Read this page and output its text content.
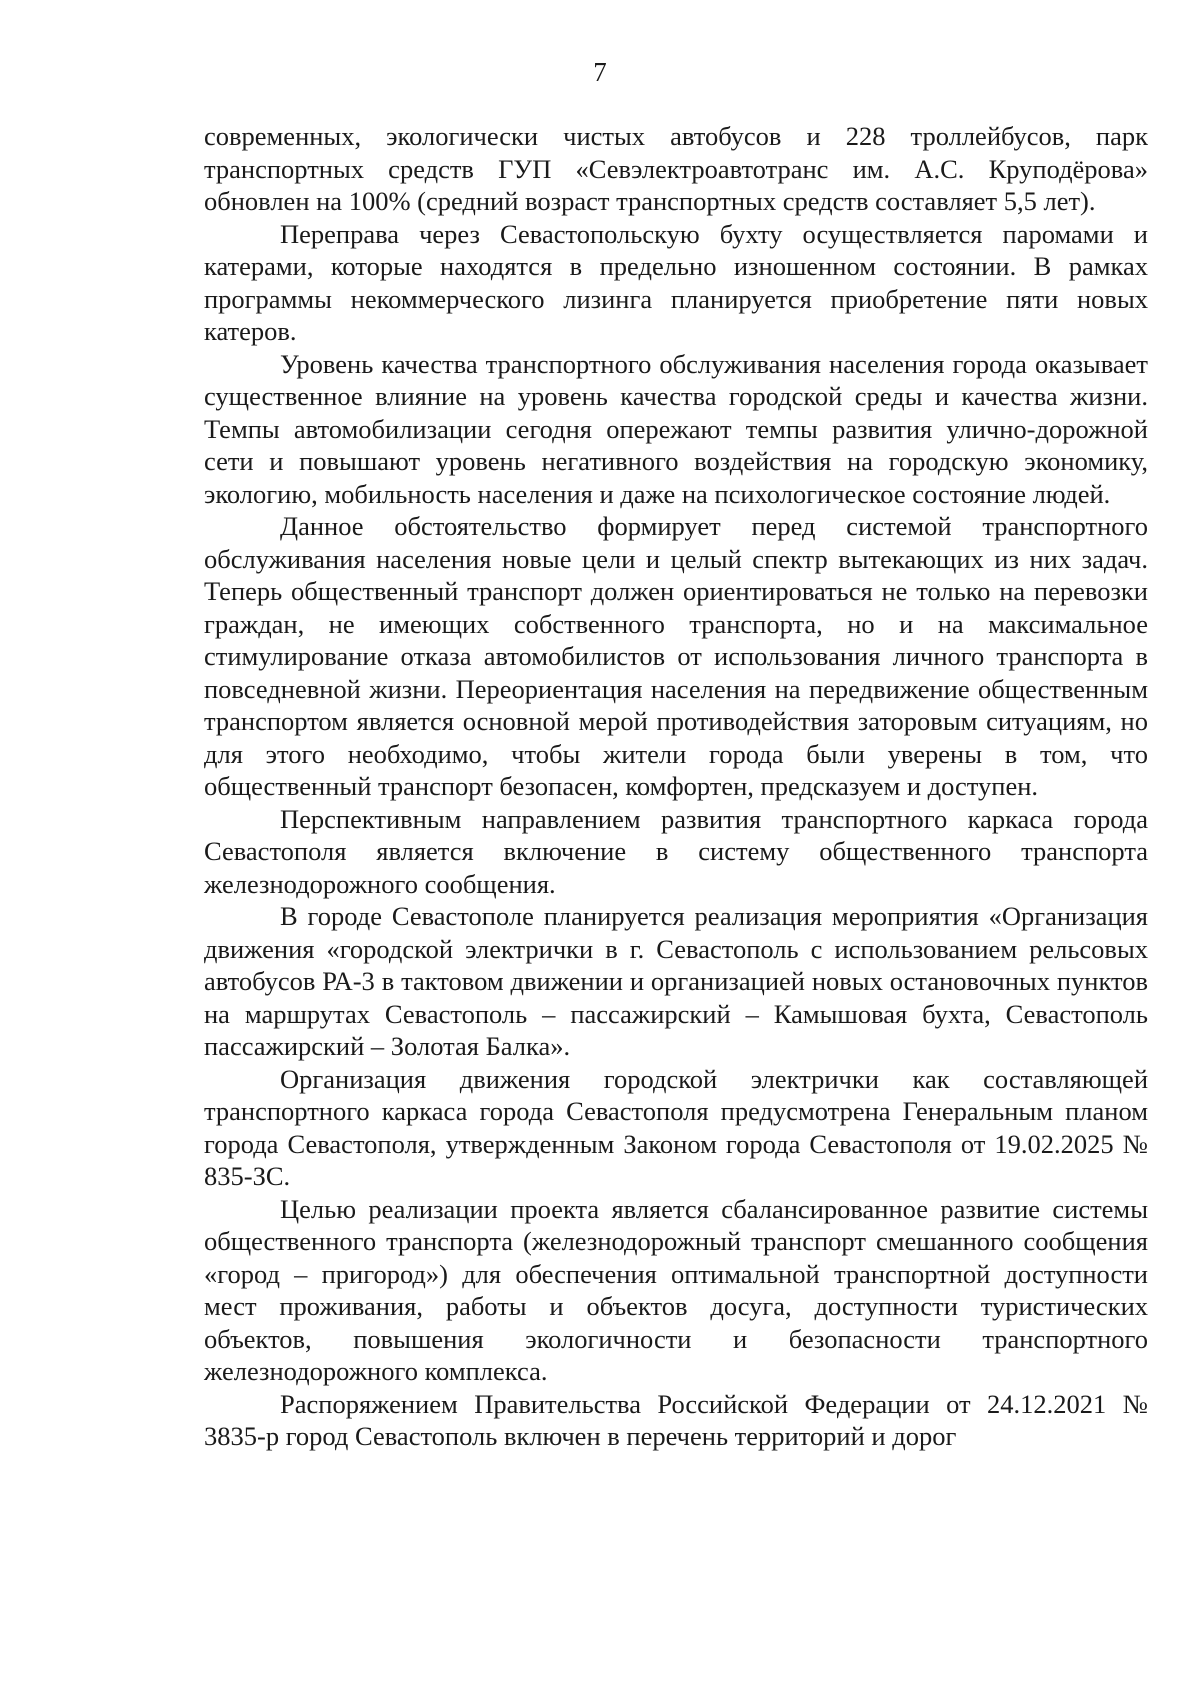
7

современных, экологически чистых автобусов и 228 троллейбусов, парк транспортных средств ГУП «Севэлектроавтотранс им. А.С. Круподёрова» обновлен на 100% (средний возраст транспортных средств составляет 5,5 лет).

Переправа через Севастопольскую бухту осуществляется паромами и катерами, которые находятся в предельно изношенном состоянии. В рамках программы некоммерческого лизинга планируется приобретение пяти новых катеров.

Уровень качества транспортного обслуживания населения города оказывает существенное влияние на уровень качества городской среды и качества жизни. Темпы автомобилизации сегодня опережают темпы развития улично-дорожной сети и повышают уровень негативного воздействия на городскую экономику, экологию, мобильность населения и даже на психологическое состояние людей.

Данное обстоятельство формирует перед системой транспортного обслуживания населения новые цели и целый спектр вытекающих из них задач. Теперь общественный транспорт должен ориентироваться не только на перевозки граждан, не имеющих собственного транспорта, но и на максимальное стимулирование отказа автомобилистов от использования личного транспорта в повседневной жизни. Переориентация населения на передвижение общественным транспортом является основной мерой противодействия заторовым ситуациям, но для этого необходимо, чтобы жители города были уверены в том, что общественный транспорт безопасен, комфортен, предсказуем и доступен.

Перспективным направлением развития транспортного каркаса города Севастополя является включение в систему общественного транспорта железнодорожного сообщения.

В городе Севастополе планируется реализация мероприятия «Организация движения «городской электрички в г. Севастополь с использованием рельсовых автобусов РА-3 в тактовом движении и организацией новых остановочных пунктов на маршрутах Севастополь – пассажирский – Камышовая бухта, Севастополь пассажирский – Золотая Балка».

Организация движения городской электрички как составляющей транспортного каркаса города Севастополя предусмотрена Генеральным планом города Севастополя, утвержденным Законом города Севастополя от 19.02.2025 № 835-ЗС.

Целью реализации проекта является сбалансированное развитие системы общественного транспорта (железнодорожный транспорт смешанного сообщения «город – пригород») для обеспечения оптимальной транспортной доступности мест проживания, работы и объектов досуга, доступности туристических объектов, повышения экологичности и безопасности транспортного железнодорожного комплекса.

Распоряжением Правительства Российской Федерации от 24.12.2021 № 3835-р город Севастополь включен в перечень территорий и дорог
